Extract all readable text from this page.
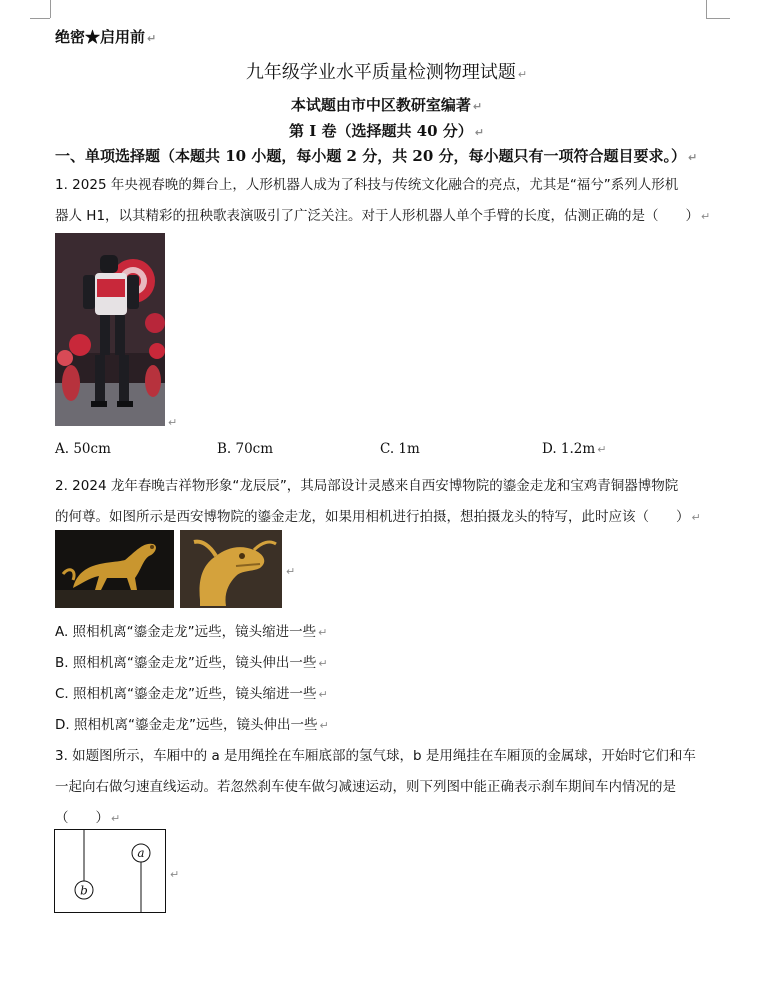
绝密★启用前 ↵
九年级学业水平质量检测物理试题 ↵
本试题由市中区教研室编著 ↵
第 I 卷（选择题共 40 分） ↵
一、单项选择题（本题共 10 小题，每小题 2 分，共 20 分，每小题只有一项符合题目要求。） ↵
1. 2025 年央视春晚的舞台上，人形机器人成为了科技与传统文化融合的亮点，尤其是“福兮”系列人形机
器人 H1，以其精彩的扭秧歌表演吸引了广泛关注。对于人形机器人单个手臂的长度，估测正确的是（　　） ↵
↵
A. 50cm	B. 70cm	C. 1m	D. 1.2m ↵
2. 2024 龙年春晚吉祥物形象“龙辰辰”，其局部设计灵感来自西安博物院的鎏金走龙和宝鸡青铜器博物院
的何尊。如图所示是西安博物院的鎏金走龙，如果用相机进行拍摄，想拍摄龙头的特写，此时应该（　　） ↵
↵
A. 照相机离“鎏金走龙”远些，镜头缩进一些 ↵
B. 照相机离“鎏金走龙”近些，镜头伸出一些 ↵
C. 照相机离“鎏金走龙”近些，镜头缩进一些 ↵
D. 照相机离“鎏金走龙”远些，镜头伸出一些 ↵
3. 如题图所示，车厢中的 a 是用绳拴在车厢底部的氢气球，b 是用绳挂在车厢顶的金属球，开始时它们和车
一起向右做匀速直线运动。若忽然刹车使车做匀减速运动，则下列图中能正确表示刹车期间车内情况的是
（　　） ↵
b
a
↵
